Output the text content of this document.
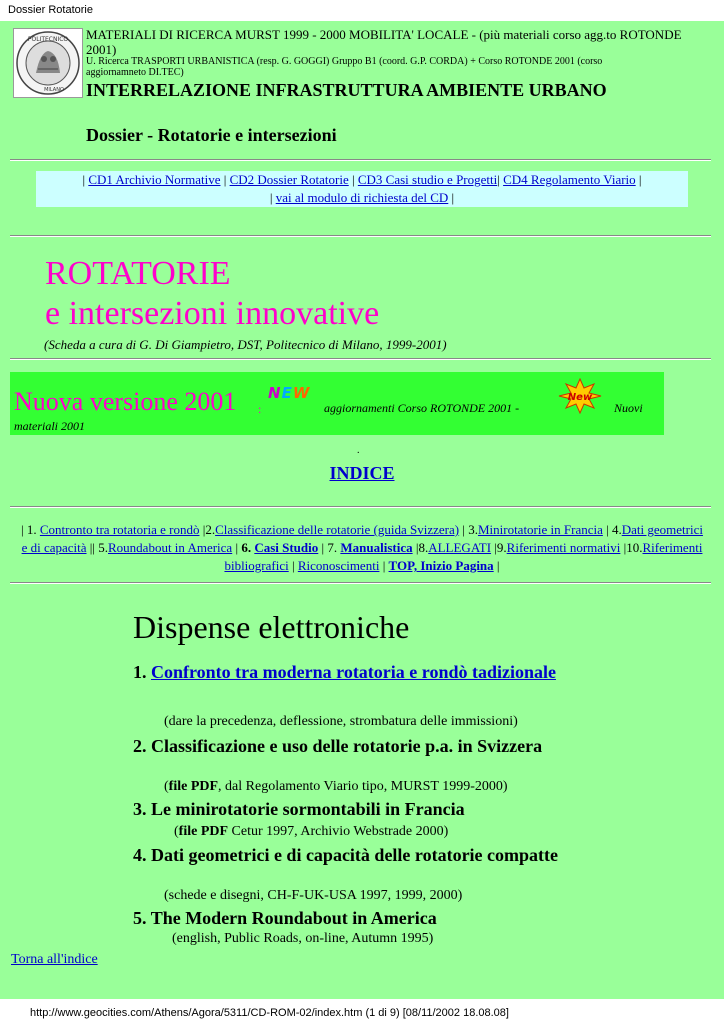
Dossier Rotatorie
POLITECNICO
MILANO
MATERIALI DI RICERCA MURST 1999 - 2000 MOBILITA' LOCALE - (più materiali corso agg.to ROTONDE 2001)
U. Ricerca TRASPORTI URBANISTICA (resp. G. GOGGI) Gruppo B1 (coord. G.P. CORDA) + Corso ROTONDE 2001 (corso aggiornamneto DI.TEC)
INTERRELAZIONE INFRASTRUTTURA AMBIENTE URBANO
Dossier - Rotatorie e intersezioni
| CD1 Archivio Normative | CD2 Dossier Rotatorie | CD3 Casi studio e Progetti| CD4 Regolamento Viario |
| vai al modulo di richiesta del CD |
ROTATORIE
e intersezioni innovative
(Scheda a cura di G. Di Giampietro, DST, Politecnico di Milano, 1999-2001)
Nuova versione 2001 :
NEW
aggiornamenti Corso ROTONDE 2001 -
New
Nuovi
materiali 2001
.
INDICE
| 1. Contronto tra rotatoria e rondò |2.Classificazione delle rotatorie (guida Svizzera) | 3.Minirotatorie in Francia | 4.Dati geometrici e di capacità || 5.Roundabout in America | 6. Casi Studio | 7. Manualistica |8.ALLEGATI |9.Riferimenti normativi |10.Riferimenti bibliografici | Riconoscimenti | TOP, Inizio Pagina |
Dispense elettroniche
1. Confronto tra moderna rotatoria e rondò tadizionale
(dare la precedenza, deflessione, strombatura delle immissioni)
2. Classificazione e uso delle rotatorie p.a. in Svizzera
(file PDF, dal Regolamento Viario tipo, MURST 1999-2000)
3. Le minirotatorie sormontabili in Francia
(file PDF Cetur 1997, Archivio Webstrade 2000)
4. Dati geometrici e di capacità delle rotatorie compatte
(schede e disegni, CH-F-UK-USA 1997, 1999, 2000)
5. The Modern Roundabout in America
(english, Public Roads, on-line, Autumn 1995)
Torna all'indice
http://www.geocities.com/Athens/Agora/5311/CD-ROM-02/index.htm (1 di 9) [08/11/2002 18.08.08]
